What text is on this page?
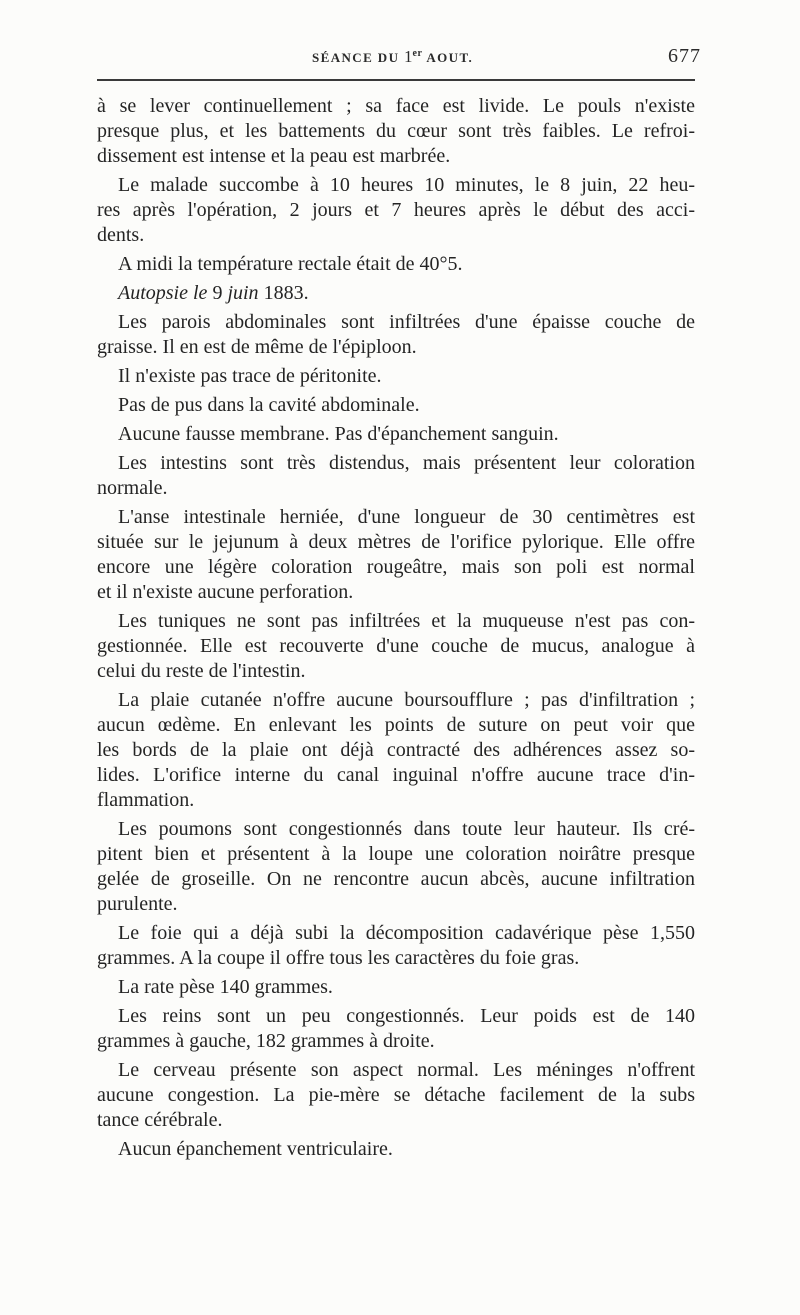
SÉANCE DU 1er AOUT.	677
à se lever continuellement ; sa face est livide. Le pouls n'existe
presque plus, et les battements du cœur sont très faibles. Le refroi-
dissement est intense et la peau est marbrée.
Le malade succombe à 10 heures 10 minutes, le 8 juin, 22 heu-
res après l'opération, 2 jours et 7 heures après le début des acci-
dents.
A midi la température rectale était de 40°5.
Autopsie le 9 juin 1883.
Les parois abdominales sont infiltrées d'une épaisse couche de
graisse. Il en est de même de l'épiploon.
Il n'existe pas trace de péritonite.
Pas de pus dans la cavité abdominale.
Aucune fausse membrane. Pas d'épanchement sanguin.
Les intestins sont très distendus, mais présentent leur coloration
normale.
L'anse intestinale herniée, d'une longueur de 30 centimètres est
située sur le jejunum à deux mètres de l'orifice pylorique. Elle offre
encore une légère coloration rougeâtre, mais son poli est normal
et il n'existe aucune perforation.
Les tuniques ne sont pas infiltrées et la muqueuse n'est pas con-
gestionnée. Elle est recouverte d'une couche de mucus, analogue à
celui du reste de l'intestin.
La plaie cutanée n'offre aucune boursoufflure ; pas d'infiltration ;
aucun œdème. En enlevant les points de suture on peut voir que
les bords de la plaie ont déjà contracté des adhérences assez so-
lides. L'orifice interne du canal inguinal n'offre aucune trace d'in-
flammation.
Les poumons sont congestionnés dans toute leur hauteur. Ils cré-
pitent bien et présentent à la loupe une coloration noirâtre presque
gelée de groseille. On ne rencontre aucun abcès, aucune infiltration
purulente.
Le foie qui a déjà subi la décomposition cadavérique pèse 1,550
grammes. A la coupe il offre tous les caractères du foie gras.
La rate pèse 140 grammes.
Les reins sont un peu congestionnés. Leur poids est de 140
grammes à gauche, 182 grammes à droite.
Le cerveau présente son aspect normal. Les méninges n'offrent
aucune congestion. La pie-mère se détache facilement de la subs
tance cérébrale.
Aucun épanchement ventriculaire.
